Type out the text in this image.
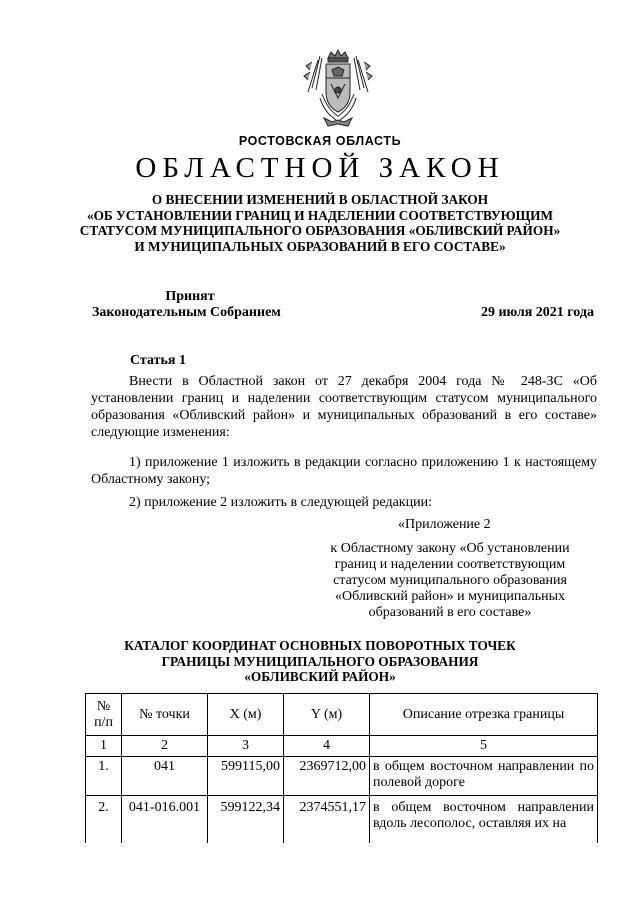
РОСТОВСКАЯ ОБЛАСТЬ
ОБЛАСТНОЙ ЗАКОН
О ВНЕСЕНИИ ИЗМЕНЕНИЙ В ОБЛАСТНОЙ ЗАКОН
«ОБ УСТАНОВЛЕНИИ ГРАНИЦ И НАДЕЛЕНИИ СООТВЕТСТВУЮЩИМ
СТАТУСОМ МУНИЦИПАЛЬНОГО ОБРАЗОВАНИЯ «ОБЛИВСКИЙ РАЙОН»
И МУНИЦИПАЛЬНЫХ ОБРАЗОВАНИЙ В ЕГО СОСТАВЕ»
Принят
Законодательным Собранием	29 июля 2021 года
Статья 1
Внести в Областной закон от 27 декабря 2004 года № 248-ЗС «Об установлении границ и наделении соответствующим статусом муниципального образования «Обливский район» и муниципальных образований в его составе» следующие изменения:
1) приложение 1 изложить в редакции согласно приложению 1 к настоящему Областному закону;
2) приложение 2 изложить в следующей редакции:
«Приложение 2
к Областному закону «Об установлении
границ и наделении соответствующим
статусом муниципального образования
«Обливский район» и муниципальных
образований в его составе»
КАТАЛОГ КООРДИНАТ ОСНОВНЫХ ПОВОРОТНЫХ ТОЧЕК
ГРАНИЦЫ МУНИЦИПАЛЬНОГО ОБРАЗОВАНИЯ
«ОБЛИВСКИЙ РАЙОН»
№
п/п	№ точки	X (м)	Y (м)	Описание отрезка границы
1	2	3	4	5
1.	041	599115,00	2369712,00	в общем восточном направлении по полевой дороге
2.	041-016.001	599122,34	2374551,17	в общем восточном направлении вдоль лесополос, оставляя их на
